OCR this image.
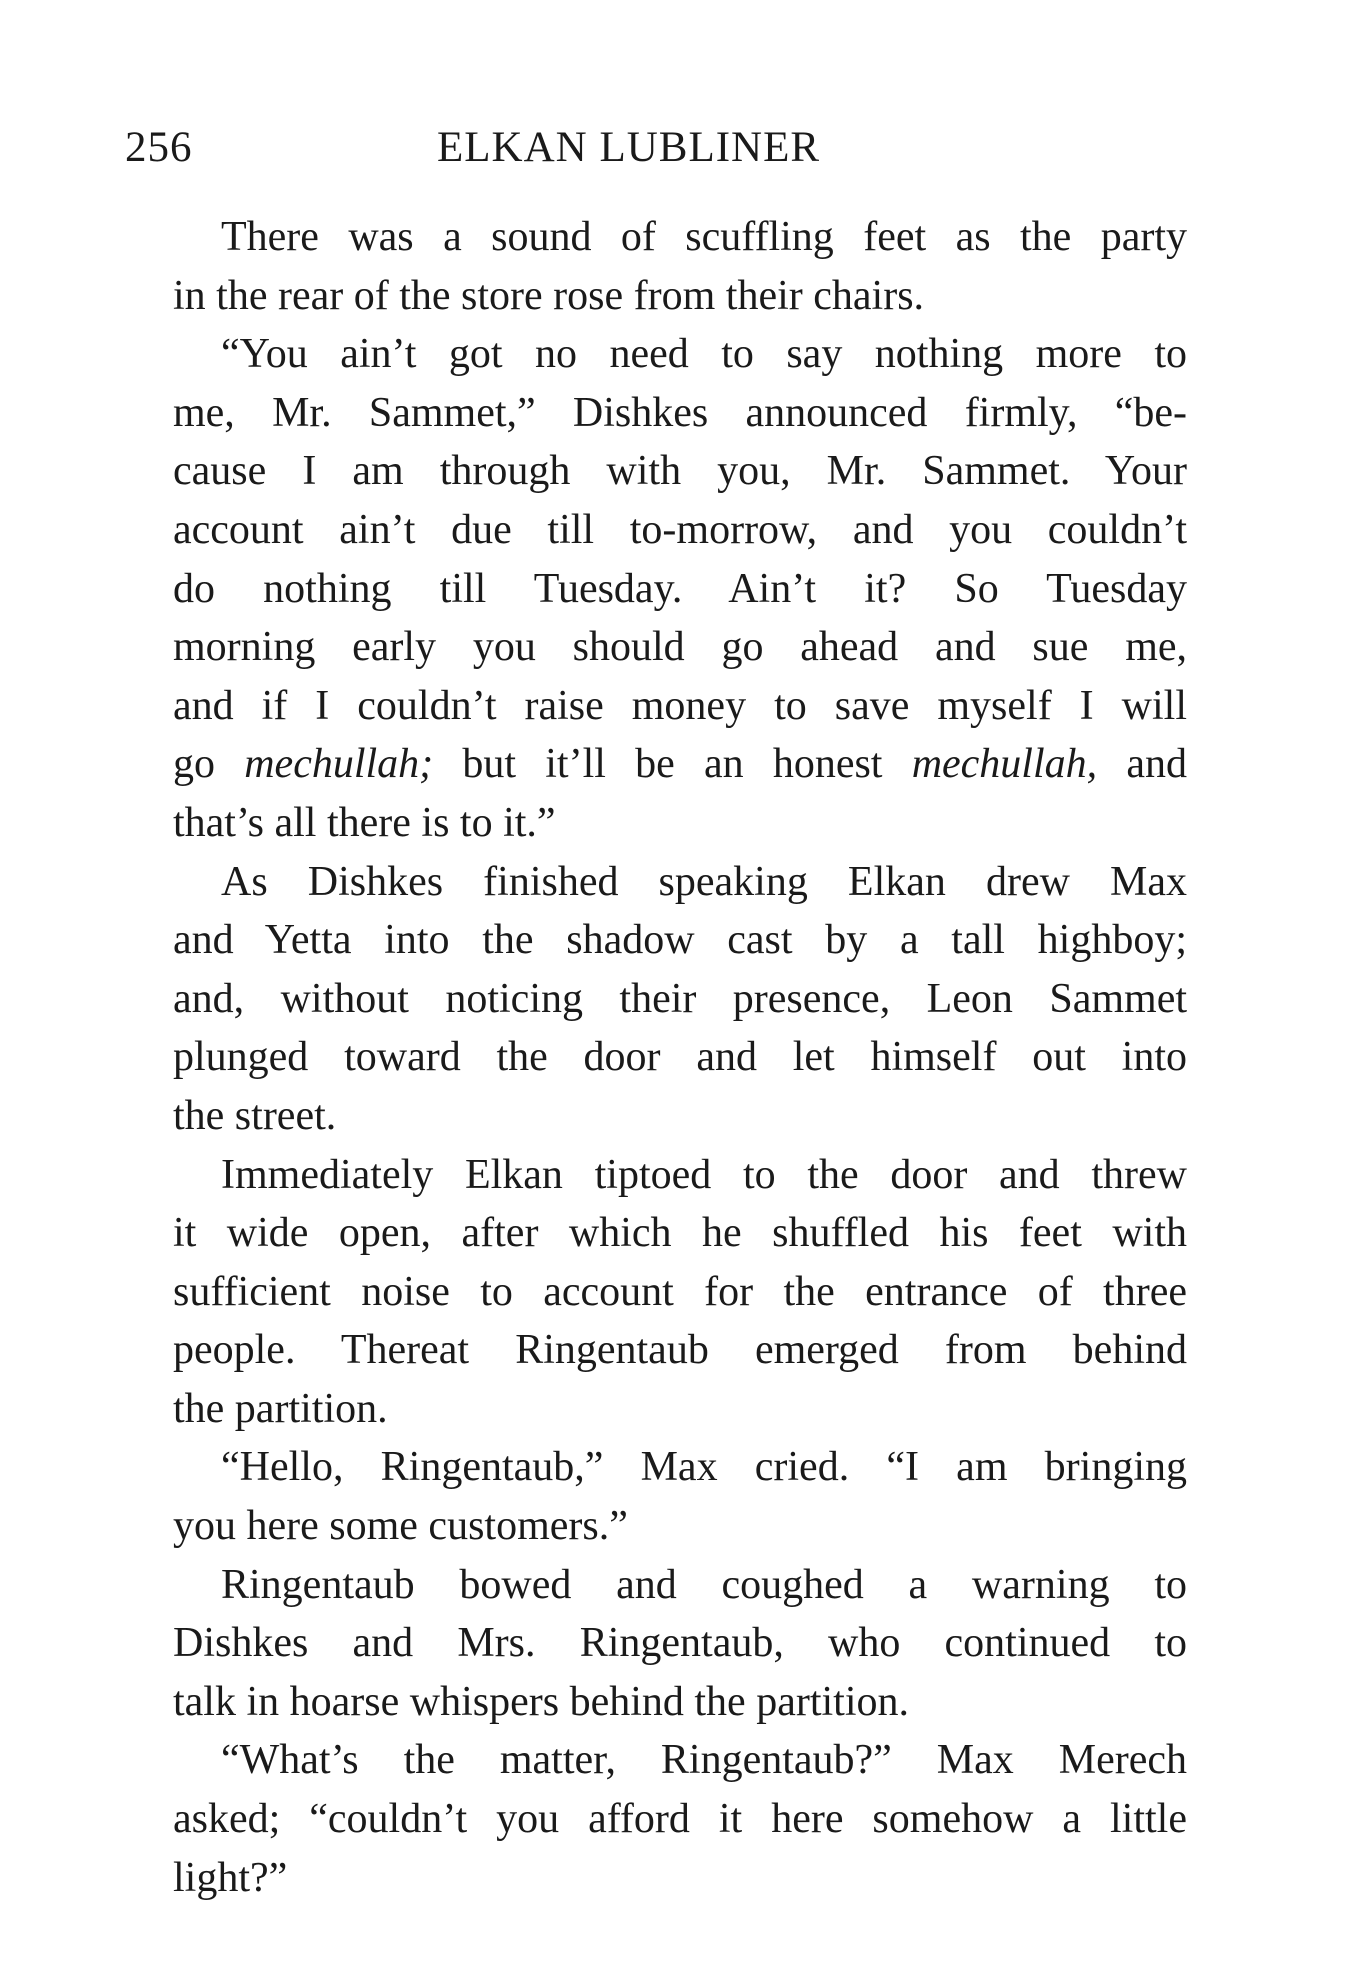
256	ELKAN LUBLINER
There was a sound of scuffling feet as the party
in the rear of the store rose from their chairs.
“You ain’t got no need to say nothing more to
me, Mr. Sammet,” Dishkes announced firmly, “be-
cause I am through with you, Mr. Sammet. Your
account ain’t due till to-morrow, and you couldn’t
do nothing till Tuesday. Ain’t it? So Tuesday
morning early you should go ahead and sue me,
and if I couldn’t raise money to save myself I will
go mechullah; but it’ll be an honest mechullah, and
that’s all there is to it.”
As Dishkes finished speaking Elkan drew Max
and Yetta into the shadow cast by a tall highboy;
and, without noticing their presence, Leon Sammet
plunged toward the door and let himself out into
the street.
Immediately Elkan tiptoed to the door and threw
it wide open, after which he shuffled his feet with
sufficient noise to account for the entrance of three
people. Thereat Ringentaub emerged from behind
the partition.
“Hello, Ringentaub,” Max cried. “I am bringing
you here some customers.”
Ringentaub bowed and coughed a warning to
Dishkes and Mrs. Ringentaub, who continued to
talk in hoarse whispers behind the partition.
“What’s the matter, Ringentaub?” Max Merech
asked; “couldn’t you afford it here somehow a little
light?”
